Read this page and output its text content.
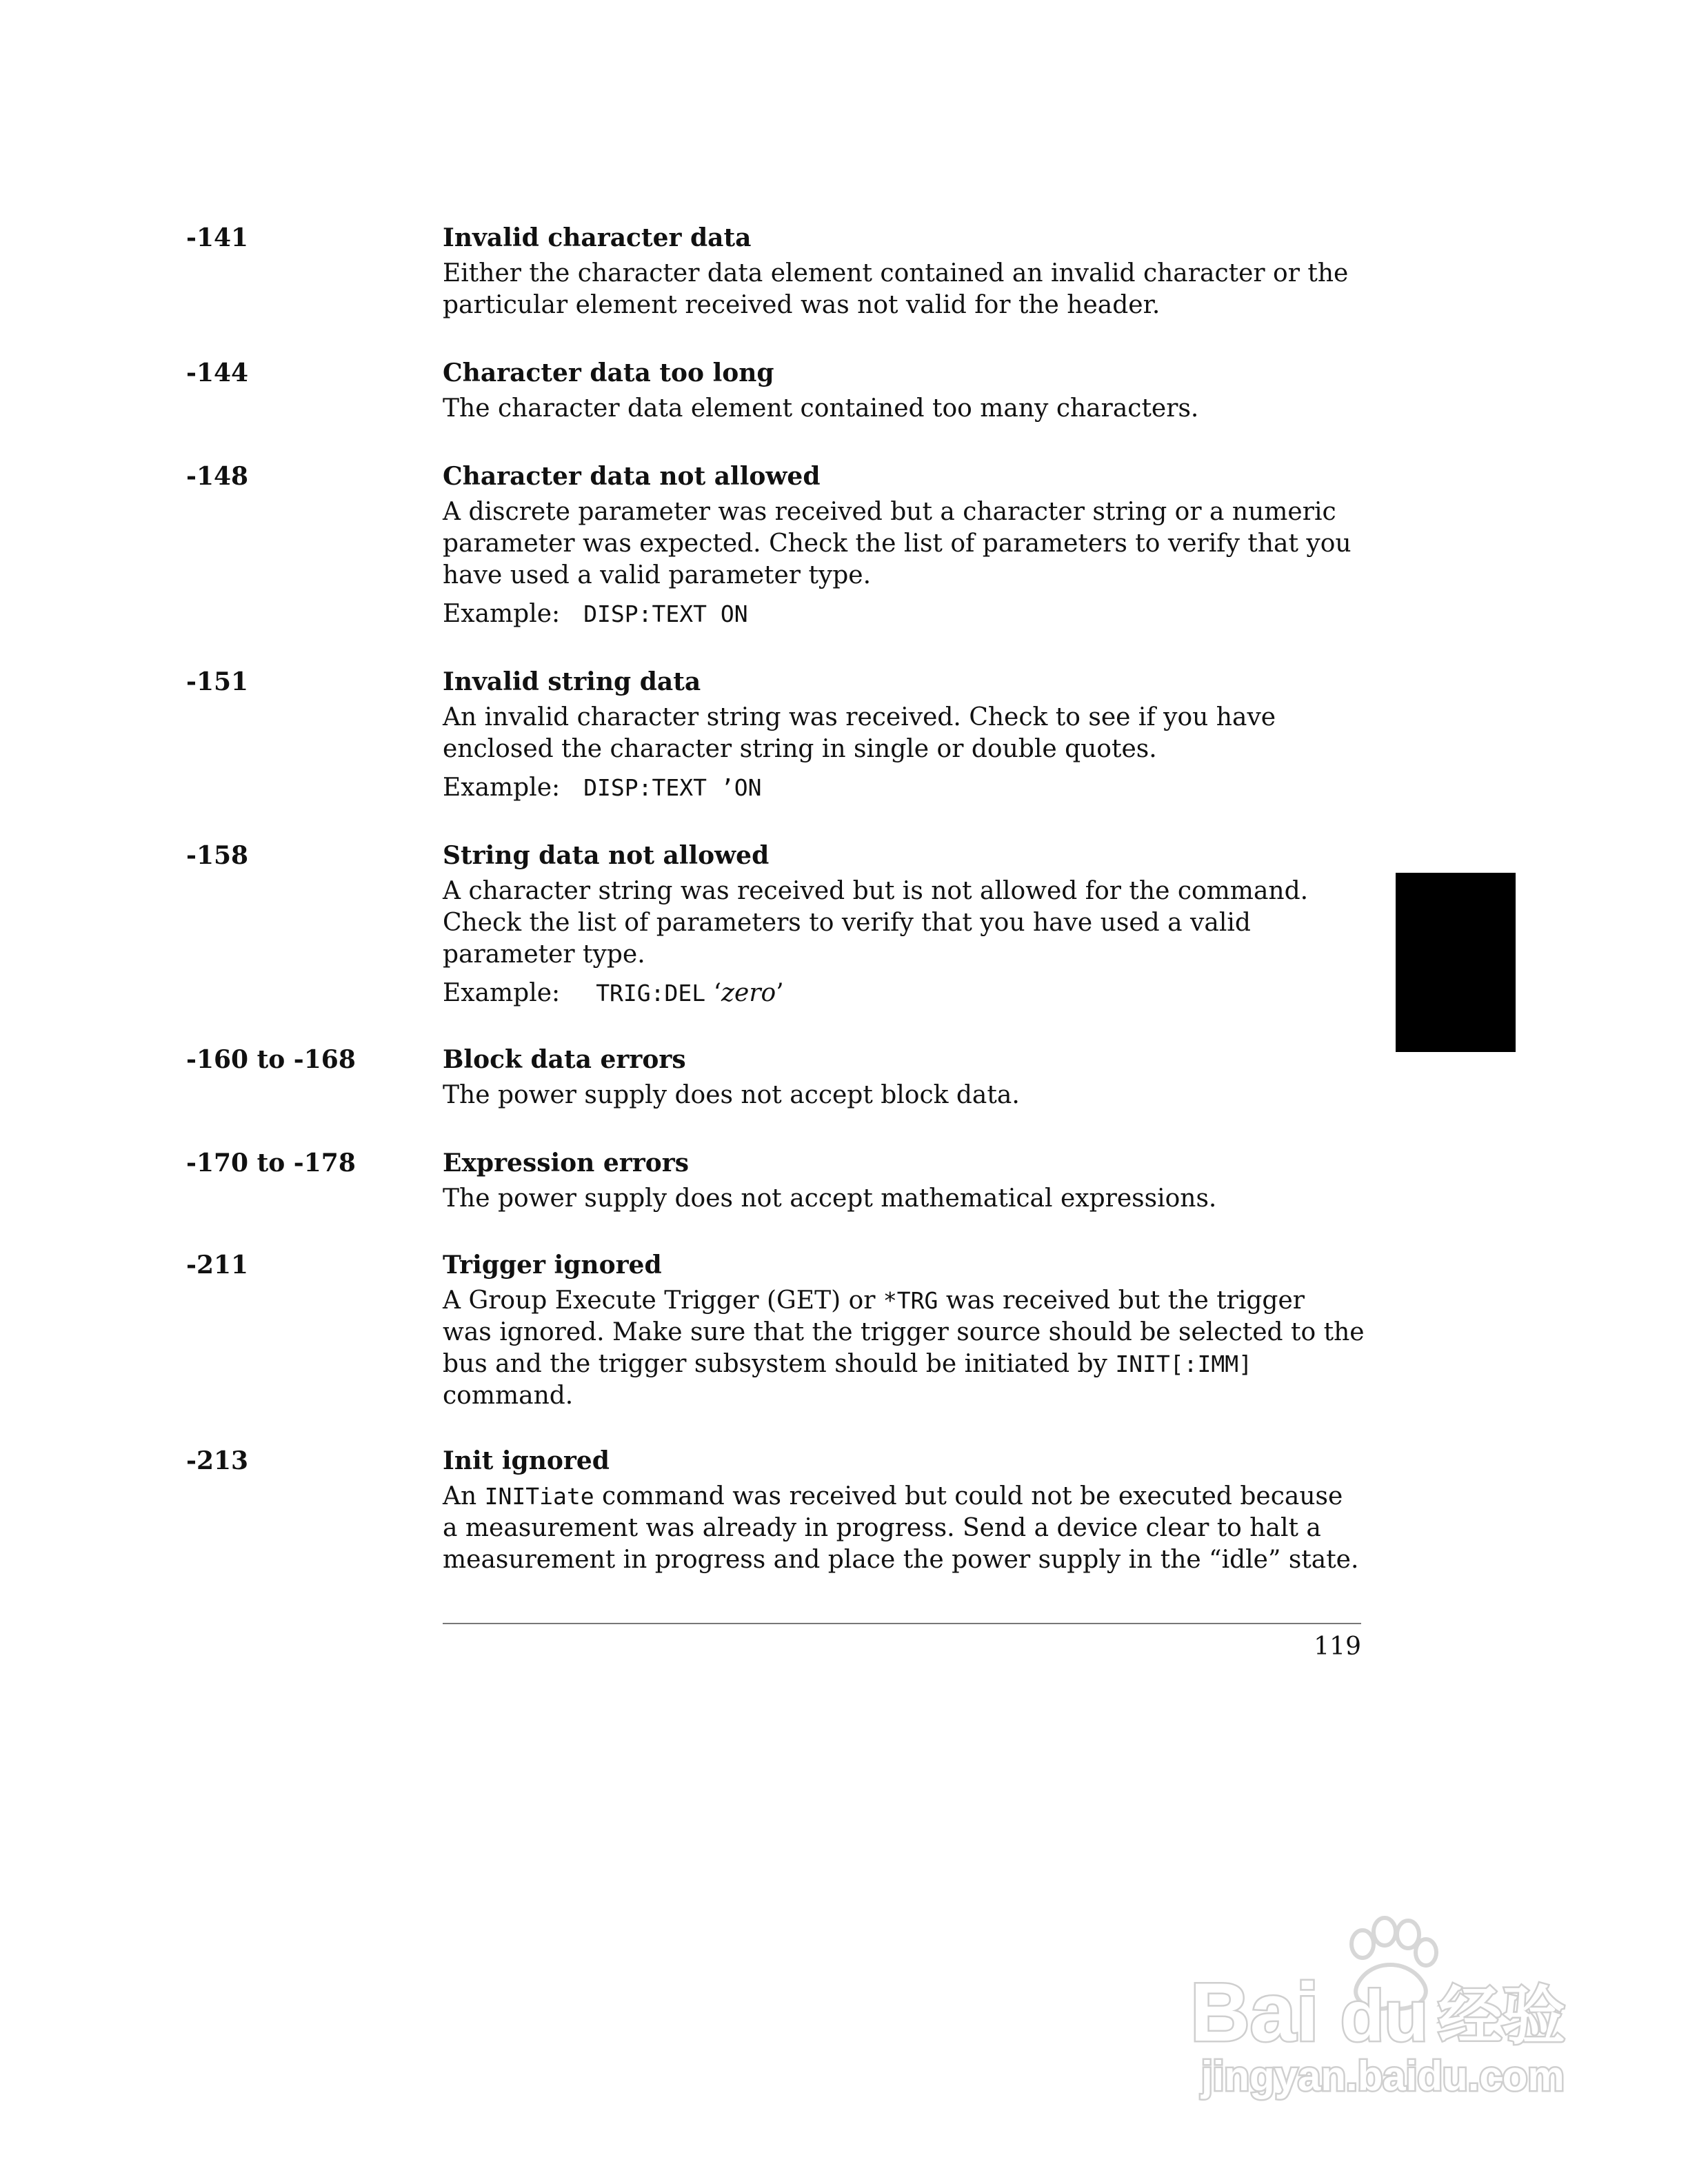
-141	Invalid character data
Either the character data element contained an invalid character or the
particular element received was not valid for the header.
-144	Character data too long
The character data element contained too many characters.
-148	Character data not allowed
A discrete parameter was received but a character string or a numeric
parameter was expected. Check the list of parameters to verify that you
have used a valid parameter type.
Example: DISP:TEXT ON
-151	Invalid string data
An invalid character string was received. Check to see if you have
enclosed the character string in single or double quotes.
Example: DISP:TEXT ’ON
-158	String data not allowed
A character string was received but is not allowed for the command.
Check the list of parameters to verify that you have used a valid
parameter type.
Example: TRIG:DEL ‘zero’
-160 to -168	Block data errors
The power supply does not accept block data.
-170 to -178	Expression errors
The power supply does not accept mathematical expressions.
-211	Trigger ignored
A Group Execute Trigger (GET) or *TRG was received but the trigger
was ignored. Make sure that the trigger source should be selected to the
bus and the trigger subsystem should be initiated by INIT[:IMM]
command.
-213	Init ignored
An INITiate command was received but could not be executed because
a measurement was already in progress. Send a device clear to halt a
measurement in progress and place the power supply in the “idle” state.
119
Bai du 经验
jingyan.baidu.com
